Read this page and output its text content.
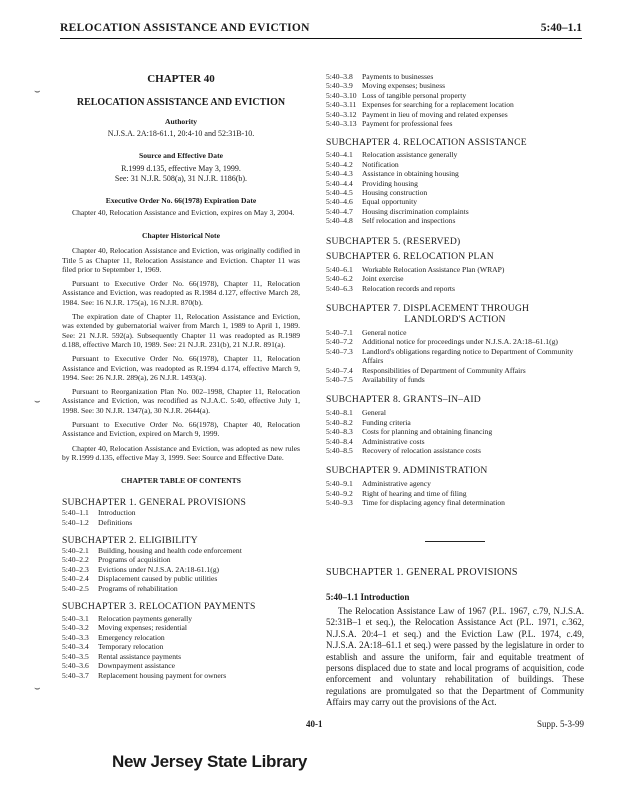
RELOCATION ASSISTANCE AND EVICTION	5:40–1.1
⌣
⌣
⌣
CHAPTER 40
RELOCATION ASSISTANCE AND EVICTION
Authority
N.J.S.A. 2A:18-61.1, 20:4-10 and 52:31B-10.
Source and Effective Date
R.1999 d.135, effective May 3, 1999.
See: 31 N.J.R. 508(a), 31 N.J.R. 1186(b).
Executive Order No. 66(1978) Expiration Date

Chapter 40, Relocation Assistance and Eviction, expires on May 3, 2004.

Chapter Historical Note

Chapter 40, Relocation Assistance and Eviction, was originally codified in Title 5 as Chapter 11, Relocation Assistance and Eviction. Chapter 11 was filed prior to September 1, 1969.

Pursuant to Executive Order No. 66(1978), Chapter 11, Relocation Assistance and Eviction, was readopted as R.1984 d.127, effective March 28, 1984. See: 16 N.J.R. 175(a), 16 N.J.R. 870(b).

The expiration date of Chapter 11, Relocation Assistance and Eviction, was extended by gubernatorial waiver from March 1, 1989 to April 1, 1989. See: 21 N.J.R. 592(a). Subsequently Chapter 11 was readopted as R.1989 d.188, effective March 10, 1989. See: 21 N.J.R. 231(b), 21 N.J.R. 891(a).

Pursuant to Executive Order No. 66(1978), Chapter 11, Relocation Assistance and Eviction, was readopted as R.1994 d.174, effective March 9, 1994. See: 26 N.J.R. 289(a), 26 N.J.R. 1493(a).

Pursuant to Reorganization Plan No. 002–1998, Chapter 11, Relocation Assistance and Eviction, was recodified as N.J.A.C. 5:40, effective July 1, 1998. See: 30 N.J.R. 1347(a), 30 N.J.R. 2644(a).

Pursuant to Executive Order No. 66(1978), Chapter 40, Relocation Assistance and Eviction, expired on March 9, 1999.

Chapter 40, Relocation Assistance and Eviction, was adopted as new rules by R.1999 d.135, effective May 3, 1999. See: Source and Effective Date.

CHAPTER TABLE OF CONTENTS
SUBCHAPTER 1. GENERAL PROVISIONS
5:40–1.1	Introduction
5:40–1.2	Definitions
SUBCHAPTER 2. ELIGIBILITY
5:40–2.1	Building, housing and health code enforcement
5:40–2.2	Programs of acquisition
5:40–2.3	Evictions under N.J.S.A. 2A:18-61.1(g)
5:40–2.4	Displacement caused by public utilities
5:40–2.5	Programs of rehabilitation
SUBCHAPTER 3. RELOCATION PAYMENTS
5:40–3.1	Relocation payments generally
5:40–3.2	Moving expenses; residential
5:40–3.3	Emergency relocation
5:40–3.4	Temporary relocation
5:40–3.5	Rental assistance payments
5:40–3.6	Downpayment assistance
5:40–3.7	Replacement housing payment for owners
5:40–3.8	Payments to businesses
5:40–3.9	Moving expenses; business
5:40–3.10 Loss of tangible personal property
5:40–3.11 Expenses for searching for a replacement location
5:40–3.12 Payment in lieu of moving and related expenses
5:40–3.13 Payment for professional fees
SUBCHAPTER 4. RELOCATION ASSISTANCE
5:40–4.1	Relocation assistance generally
5:40–4.2	Notification
5:40–4.3	Assistance in obtaining housing
5:40–4.4	Providing housing
5:40–4.5	Housing construction
5:40–4.6	Equal opportunity
5:40–4.7	Housing discrimination complaints
5:40–4.8	Self relocation and inspections
SUBCHAPTER 5. (RESERVED)
SUBCHAPTER 6. RELOCATION PLAN
5:40–6.1	Workable Relocation Assistance Plan (WRAP)
5:40–6.2	Joint exercise
5:40–6.3	Relocation records and reports
SUBCHAPTER 7. DISPLACEMENT THROUGH
LANDLORD'S ACTION
5:40–7.1	General notice
5:40–7.2	Additional notice for proceedings under N.J.S.A. 2A:18–61.1(g)
5:40–7.3	Landlord's obligations regarding notice to Department of Community Affairs
5:40–7.4	Responsibilities of Department of Community Affairs
5:40–7.5	Availability of funds
SUBCHAPTER 8. GRANTS–IN–AID
5:40–8.1	General
5:40–8.2	Funding criteria
5:40–8.3	Costs for planning and obtaining financing
5:40–8.4	Administrative costs
5:40–8.5	Recovery of relocation assistance costs
SUBCHAPTER 9. ADMINISTRATION
5:40–9.1	Administrative agency
5:40–9.2	Right of hearing and time of filing
5:40–9.3	Time for displacing agency final determination
SUBCHAPTER 1. GENERAL PROVISIONS
5:40–1.1 Introduction

The Relocation Assistance Law of 1967 (P.L. 1967, c.79, N.J.S.A. 52:31B–1 et seq.), the Relocation Assistance Act (P.L. 1971, c.362, N.J.S.A. 20:4–1 et seq.) and the Eviction Law (P.L. 1974, c.49, N.J.S.A. 2A:18–61.1 et seq.) were passed by the legislature in order to establish and assure the uniform, fair and equitable treatment of persons displaced due to state and local programs of acquisition, code enforcement and voluntary rehabilitation of buildings. These regulations are promulgated so that the Department of Community Affairs may carry out the provisions of the Act.

40-1	Supp. 5-3-99
New Jersey State Library
